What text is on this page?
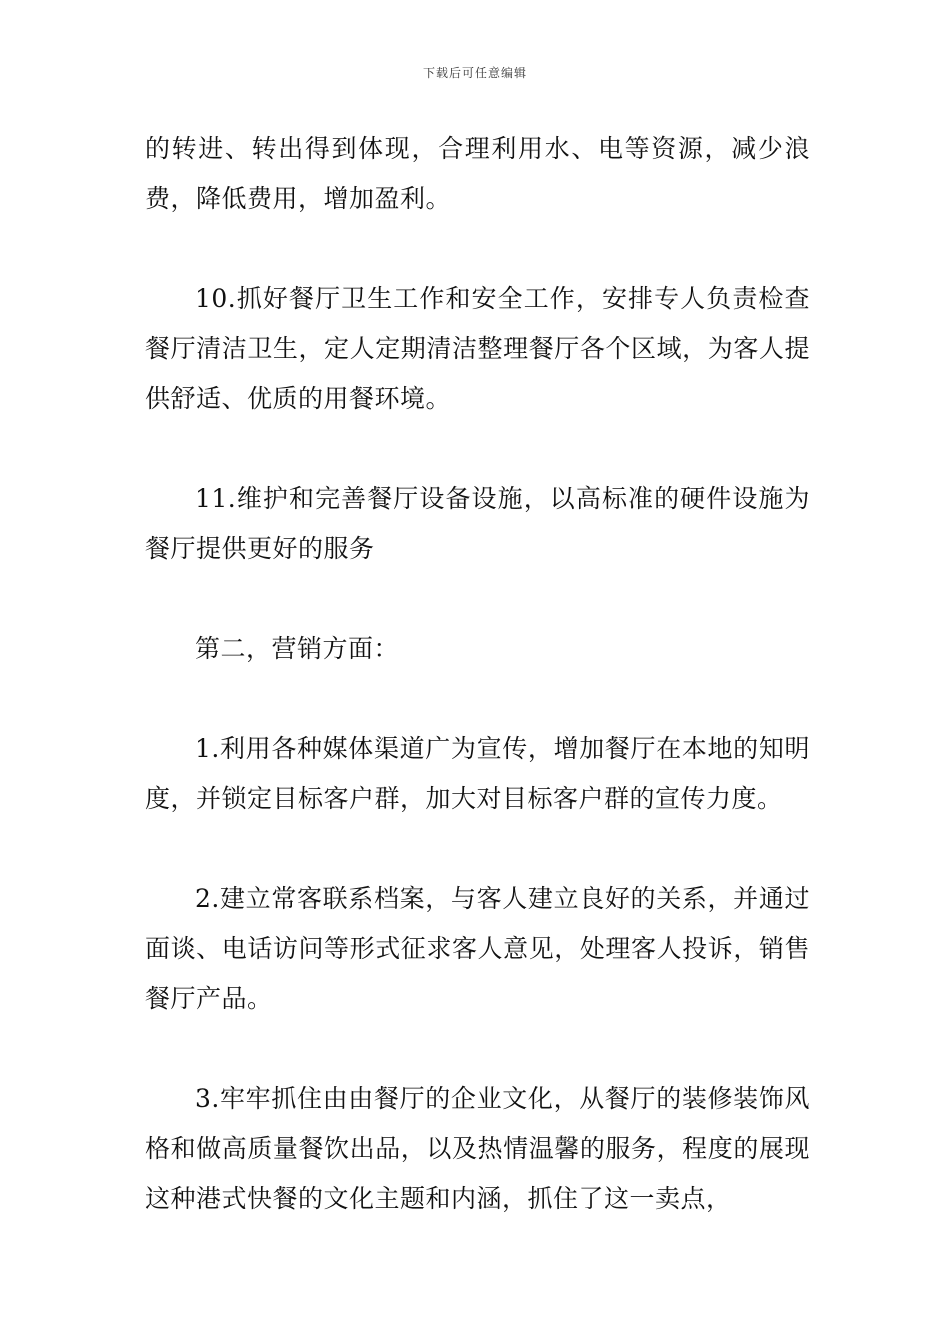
下载后可任意编辑

的转进、转出得到体现，合理利用水、电等资源，减少浪费，降低费用，增加盈利。

10.抓好餐厅卫生工作和安全工作，安排专人负责检查餐厅清洁卫生，定人定期清洁整理餐厅各个区域，为客人提供舒适、优质的用餐环境。

11.维护和完善餐厅设备设施，以高标准的硬件设施为餐厅提供更好的服务

第二，营销方面：

1.利用各种媒体渠道广为宣传，增加餐厅在本地的知明度，并锁定目标客户群，加大对目标客户群的宣传力度。

2.建立常客联系档案，与客人建立良好的关系，并通过面谈、电话访问等形式征求客人意见，处理客人投诉，销售餐厅产品。

3.牢牢抓住由由餐厅的企业文化，从餐厅的装修装饰风格和做高质量餐饮出品，以及热情温馨的服务，程度的展现这种港式快餐的文化主题和内涵，抓住了这一卖点，
